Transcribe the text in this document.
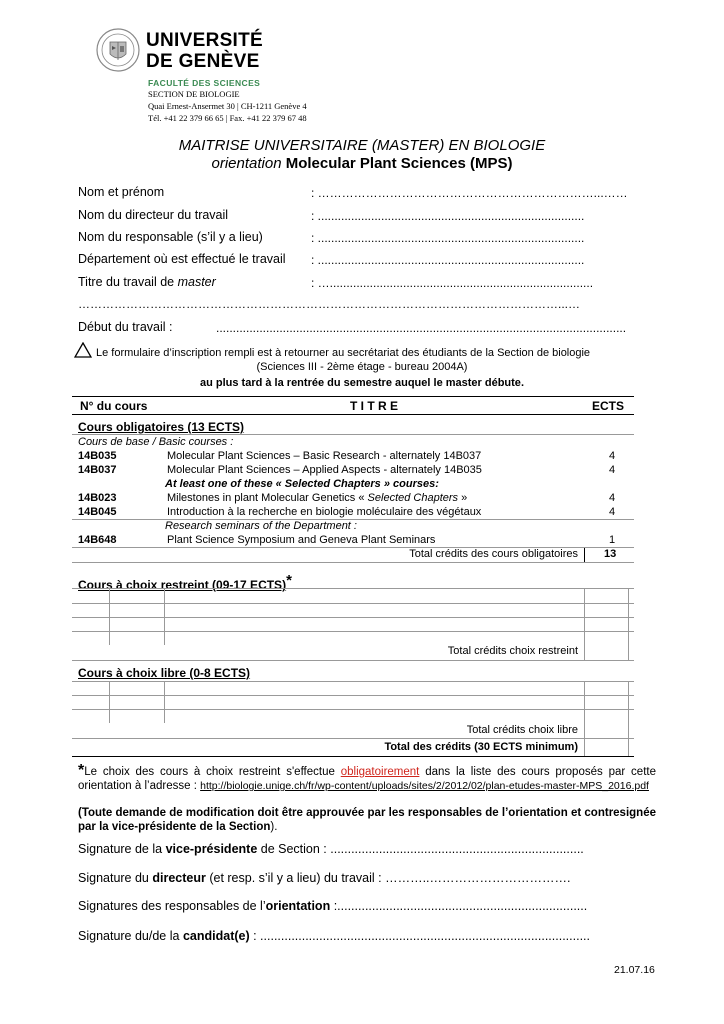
UNIVERSITÉ
DE GENÈVE
FACULTÉ DES SCIENCES
SECTION DE BIOLOGIE
Quai Ernest-Ansermet 30 | CH-1211 Genève 4
Tél. +41 22 379 66 65 | Fax. +41 22 379 67 48
MAITRISE UNIVERSITAIRE (MASTER) EN BIOLOGIE
orientation Molecular Plant Sciences (MPS)
Nom et prénom	: ……………………………………………………………...……
Nom du directeur du travail	: ................................................................................
Nom du responsable (s’il y a lieu)	: ................................................................................
Département où est effectué le travail : ................................................................................
Titre du travail de master	: …...............................................................................
…………………………………………………………………………………………………………...…
Début du travail :	...........................................................................................................................
Le formulaire d’inscription rempli est à retourner au secrétariat des étudiants de la Section de biologie
(Sciences III - 2ème étage - bureau 2004A)
au plus tard à la rentrée du semestre auquel le master débute.
N° du cours	T I T R E	ECTS
Cours obligatoires (13 ECTS)
Cours de base / Basic courses :
14B035	Molecular Plant Sciences – Basic Research - alternately 14B037	4
14B037	Molecular Plant Sciences – Applied Aspects - alternately 14B035	4
At least one of these « Selected Chapters » courses:
14B023	Milestones in plant Molecular Genetics « Selected Chapters »	4
14B045	Introduction à la recherche en biologie moléculaire des végétaux	4
Research seminars of the Department :
14B648	Plant Science Symposium and Geneva Plant Seminars	1
Total crédits des cours obligatoires 13
Cours à choix restreint (09-17 ECTS)*
Total crédits choix restreint
Cours à choix libre (0-8 ECTS)
Total crédits choix libre
Total des crédits (30 ECTS minimum)
*Le choix des cours à choix restreint s'effectue obligatoirement dans la liste des cours proposés par cette orientation à l’adresse : http://biologie.unige.ch/fr/wp-content/uploads/sites/2/2012/02/plan-etudes-master-MPS_2016.pdf
(Toute demande de modification doit être approuvée par les responsables de l’orientation et contresignée par la vice-présidente de la Section).
Signature de la vice-présidente de Section : .........................................................................
Signature du directeur (et resp. s’il y a lieu) du travail : ………..…………………………….
Signatures des responsables de l’orientation :........................................................................
Signature du/de la candidat(e) : ...............................................................................................
21.07.16
